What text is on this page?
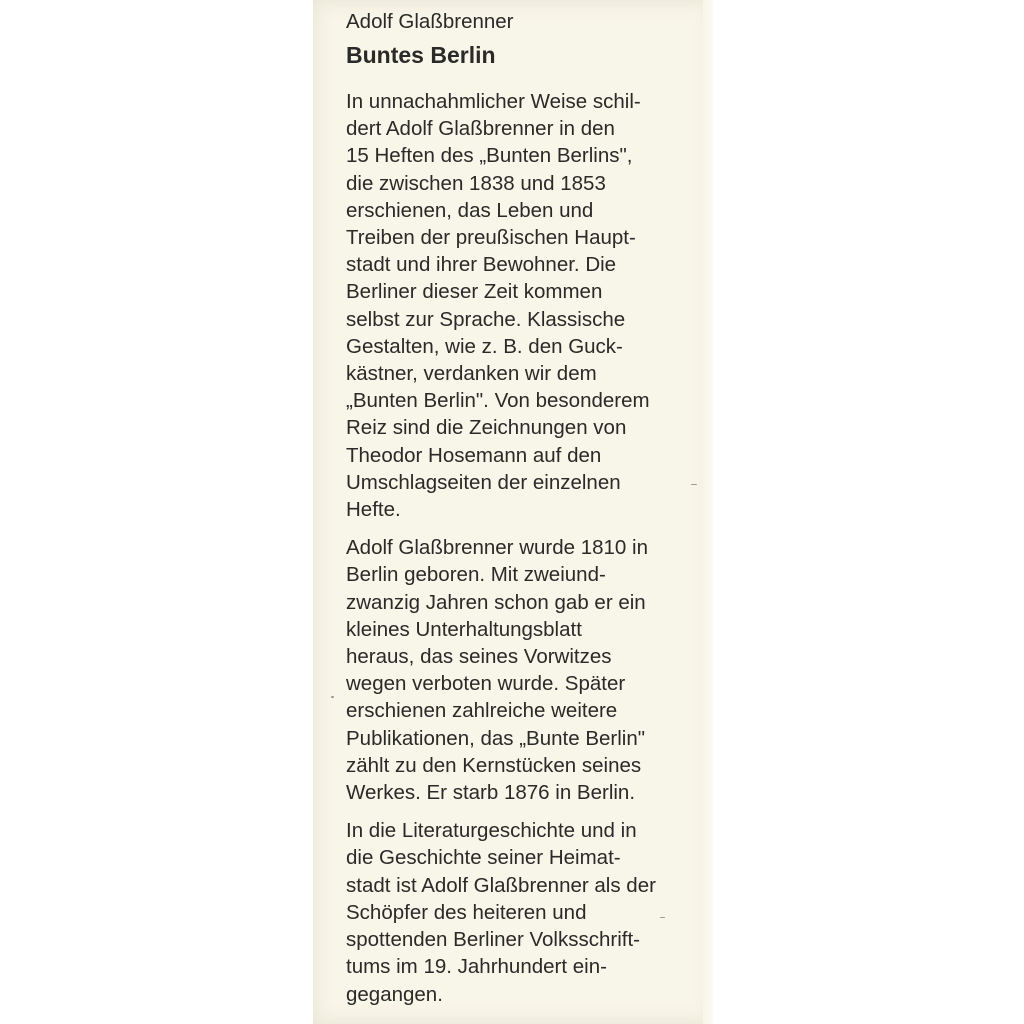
Adolf Glaßbrenner
Buntes Berlin

In unnachahmlicher Weise schil-
dert Adolf Glaßbrenner in den
15 Heften des „Bunten Berlins",
die zwischen 1838 und 1853
erschienen, das Leben und
Treiben der preußischen Haupt-
stadt und ihrer Bewohner. Die
Berliner dieser Zeit kommen
selbst zur Sprache. Klassische
Gestalten, wie z. B. den Guck-
kästner, verdanken wir dem
„Bunten Berlin". Von besonderem
Reiz sind die Zeichnungen von
Theodor Hosemann auf den
Umschlagseiten der einzelnen
Hefte.

Adolf Glaßbrenner wurde 1810 in
Berlin geboren. Mit zweiund-
zwanzig Jahren schon gab er ein
kleines Unterhaltungsblatt
heraus, das seines Vorwitzes
wegen verboten wurde. Später
erschienen zahlreiche weitere
Publikationen, das „Bunte Berlin"
zählt zu den Kernstücken seines
Werkes. Er starb 1876 in Berlin.

In die Literaturgeschichte und in
die Geschichte seiner Heimat-
stadt ist Adolf Glaßbrenner als der
Schöpfer des heiteren und
spottenden Berliner Volksschrift-
tums im 19. Jahrhundert ein-
gegangen.
